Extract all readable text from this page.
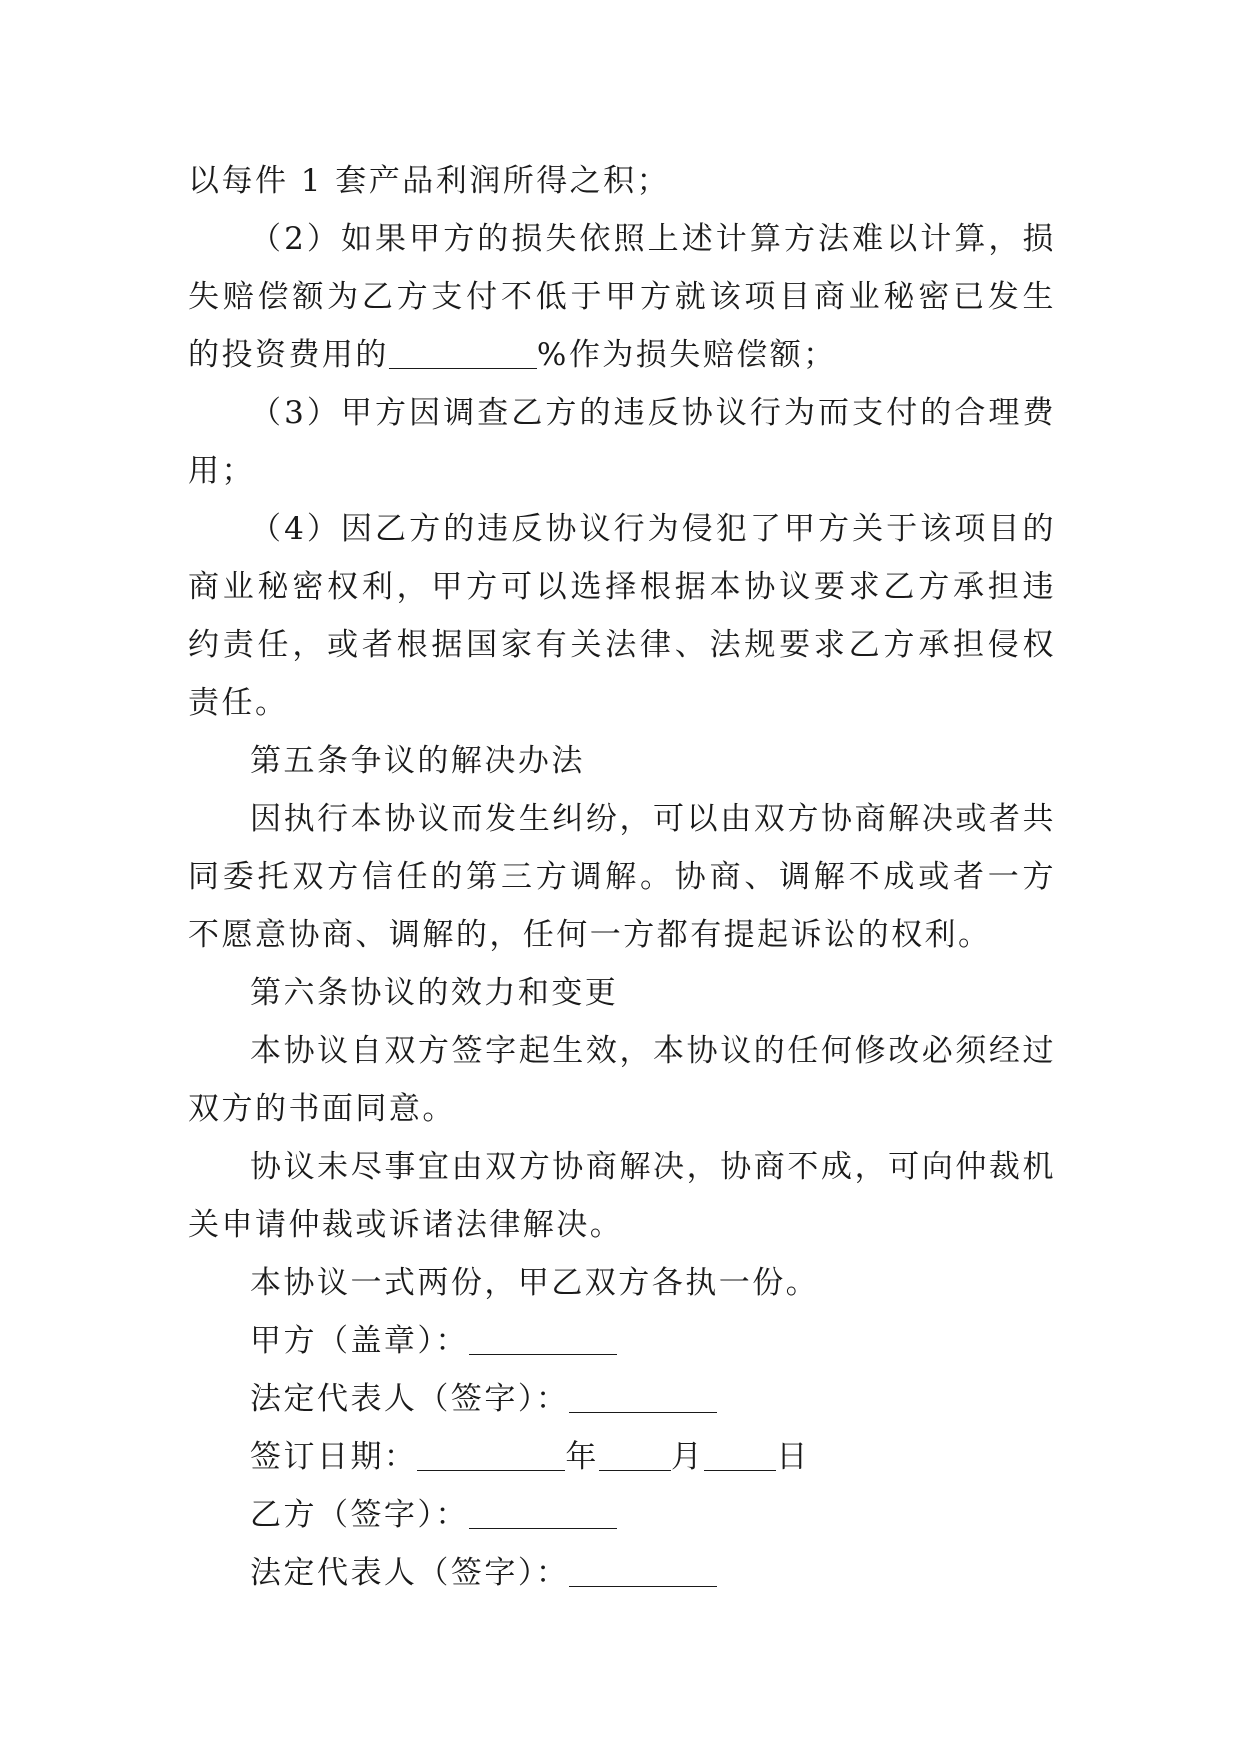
以每件 1 套产品利润所得之积；

（2）如果甲方的损失依照上述计算方法难以计算，损失赔偿额为乙方支付不低于甲方就该项目商业秘密已发生的投资费用的	%作为损失赔偿额；

（3）甲方因调查乙方的违反协议行为而支付的合理费用；

（4）因乙方的违反协议行为侵犯了甲方关于该项目的商业秘密权利，甲方可以选择根据本协议要求乙方承担违约责任，或者根据国家有关法律、法规要求乙方承担侵权责任。

第五条争议的解决办法

因执行本协议而发生纠纷，可以由双方协商解决或者共同委托双方信任的第三方调解。协商、调解不成或者一方不愿意协商、调解的，任何一方都有提起诉讼的权利。

第六条协议的效力和变更

本协议自双方签字起生效，本协议的任何修改必须经过双方的书面同意。

协议未尽事宜由双方协商解决，协商不成，可向仲裁机关申请仲裁或诉诸法律解决。

本协议一式两份，甲乙双方各执一份。

甲方（盖章）：

法定代表人（签字）：

签订日期：	年 月 日

乙方（签字）：

法定代表人（签字）：
